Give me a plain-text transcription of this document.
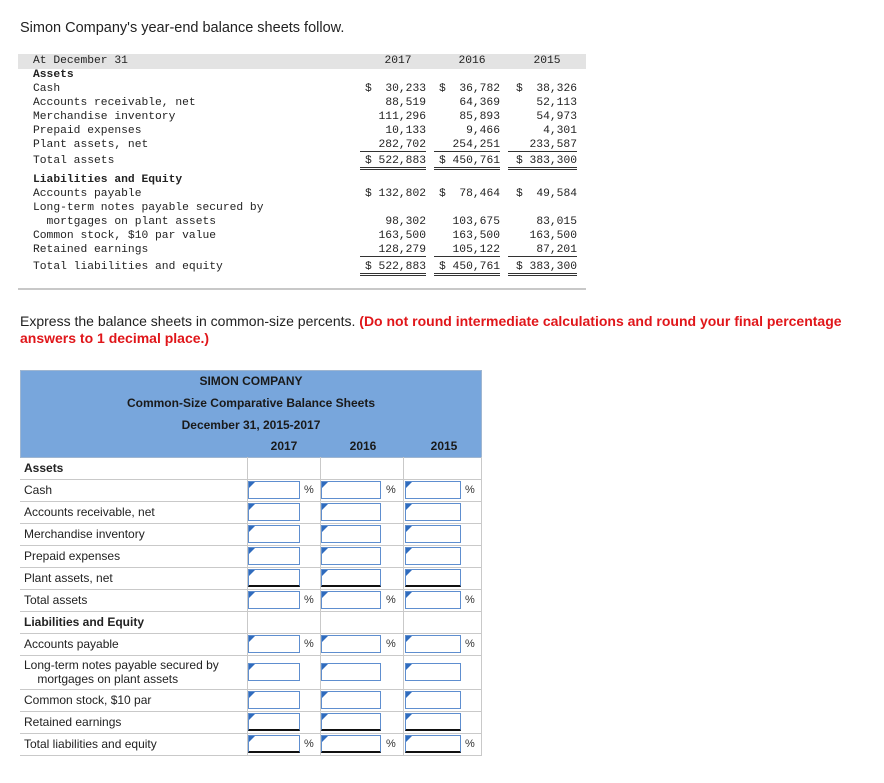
Simon Company's year-end balance sheets follow.
At December 31	2017	2016	2015
Assets
Cash	$  30,233	$  36,782	$  38,326
Accounts receivable, net	88,519	64,369	52,113
Merchandise inventory	111,296	85,893	54,973
Prepaid expenses	10,133	9,466	4,301
Plant assets, net	282,702	254,251	233,587
Total assets	$ 522,883	$ 450,761	$ 383,300
Liabilities and Equity
Accounts payable	$ 132,802	$  78,464	$  49,584
Long-term notes payable secured by
mortgages on plant assets	98,302	103,675	83,015
Common stock, $10 par value	163,500	163,500	163,500
Retained earnings	128,279	105,122	87,201
Total liabilities and equity	$ 522,883	$ 450,761	$ 383,300
Express the balance sheets in common-size percents. (Do not round intermediate calculations and round your final percentage answers to 1 decimal place.)
SIMON COMPANY
Common-Size Comparative Balance Sheets
December 31, 2015-2017
2017	2016	2015
Assets
Cash	%	%	%
Accounts receivable, net
Merchandise inventory
Prepaid expenses
Plant assets, net
Total assets	%	%	%
Liabilities and Equity
Accounts payable	%	%	%
Long-term notes payable secured by
mortgages on plant assets
Common stock, $10 par
Retained earnings
Total liabilities and equity	%	%	%
